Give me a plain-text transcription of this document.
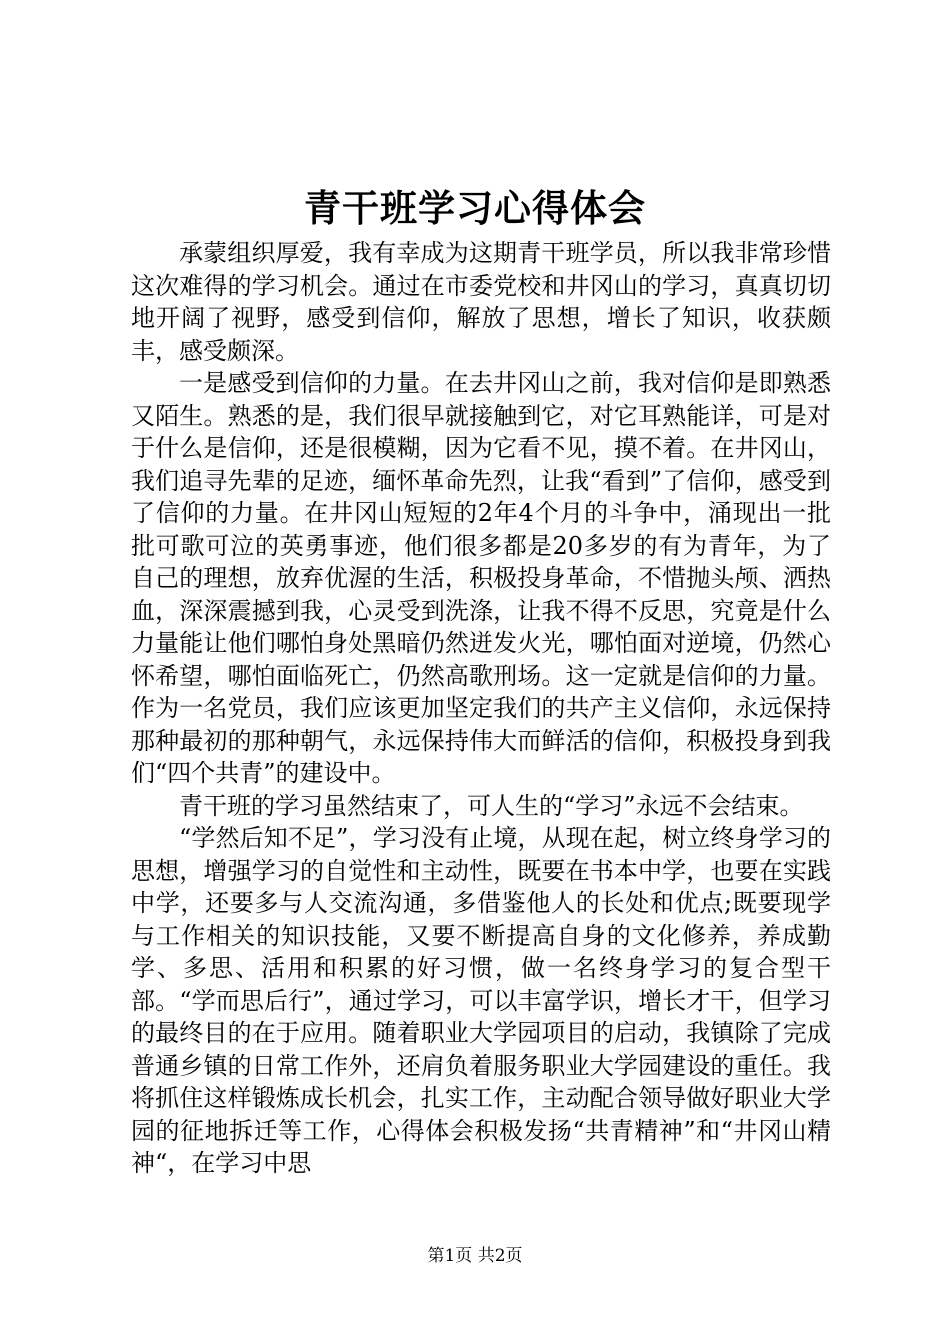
青干班学习心得体会

承蒙组织厚爱，我有幸成为这期青干班学员，所以我非常珍惜这次难得的学习机会。通过在市委党校和井冈山的学习，真真切切地开阔了视野，感受到信仰，解放了思想，增长了知识，收获颇丰，感受颇深。

一是感受到信仰的力量。在去井冈山之前，我对信仰是即熟悉又陌生。熟悉的是，我们很早就接触到它，对它耳熟能详，可是对于什么是信仰，还是很模糊，因为它看不见，摸不着。在井冈山，我们追寻先辈的足迹，缅怀革命先烈，让我“看到”了信仰，感受到了信仰的力量。在井冈山短短的2年4个月的斗争中，涌现出一批批可歌可泣的英勇事迹，他们很多都是20多岁的有为青年，为了自己的理想，放弃优渥的生活，积极投身革命，不惜抛头颅、洒热血，深深震撼到我，心灵受到洗涤，让我不得不反思，究竟是什么力量能让他们哪怕身处黑暗仍然迸发火光，哪怕面对逆境，仍然心怀希望，哪怕面临死亡，仍然高歌刑场。这一定就是信仰的力量。作为一名党员，我们应该更加坚定我们的共产主义信仰，永远保持那种最初的那种朝气，永远保持伟大而鲜活的信仰，积极投身到我们“四个共青”的建设中。

青干班的学习虽然结束了，可人生的“学习”永远不会结束。

“学然后知不足”，学习没有止境，从现在起，树立终身学习的思想，增强学习的自觉性和主动性，既要在书本中学，也要在实践中学，还要多与人交流沟通，多借鉴他人的长处和优点;既要现学与工作相关的知识技能，又要不断提高自身的文化修养，养成勤学、多思、活用和积累的好习惯，做一名终身学习的复合型干部。“学而思后行”，通过学习，可以丰富学识，增长才干，但学习的最终目的在于应用。随着职业大学园项目的启动，我镇除了完成普通乡镇的日常工作外，还肩负着服务职业大学园建设的重任。我将抓住这样锻炼成长机会，扎实工作，主动配合领导做好职业大学园的征地拆迁等工作，心得体会积极发扬“共青精神”和“井冈山精神“，在学习中思

第1页 共2页
